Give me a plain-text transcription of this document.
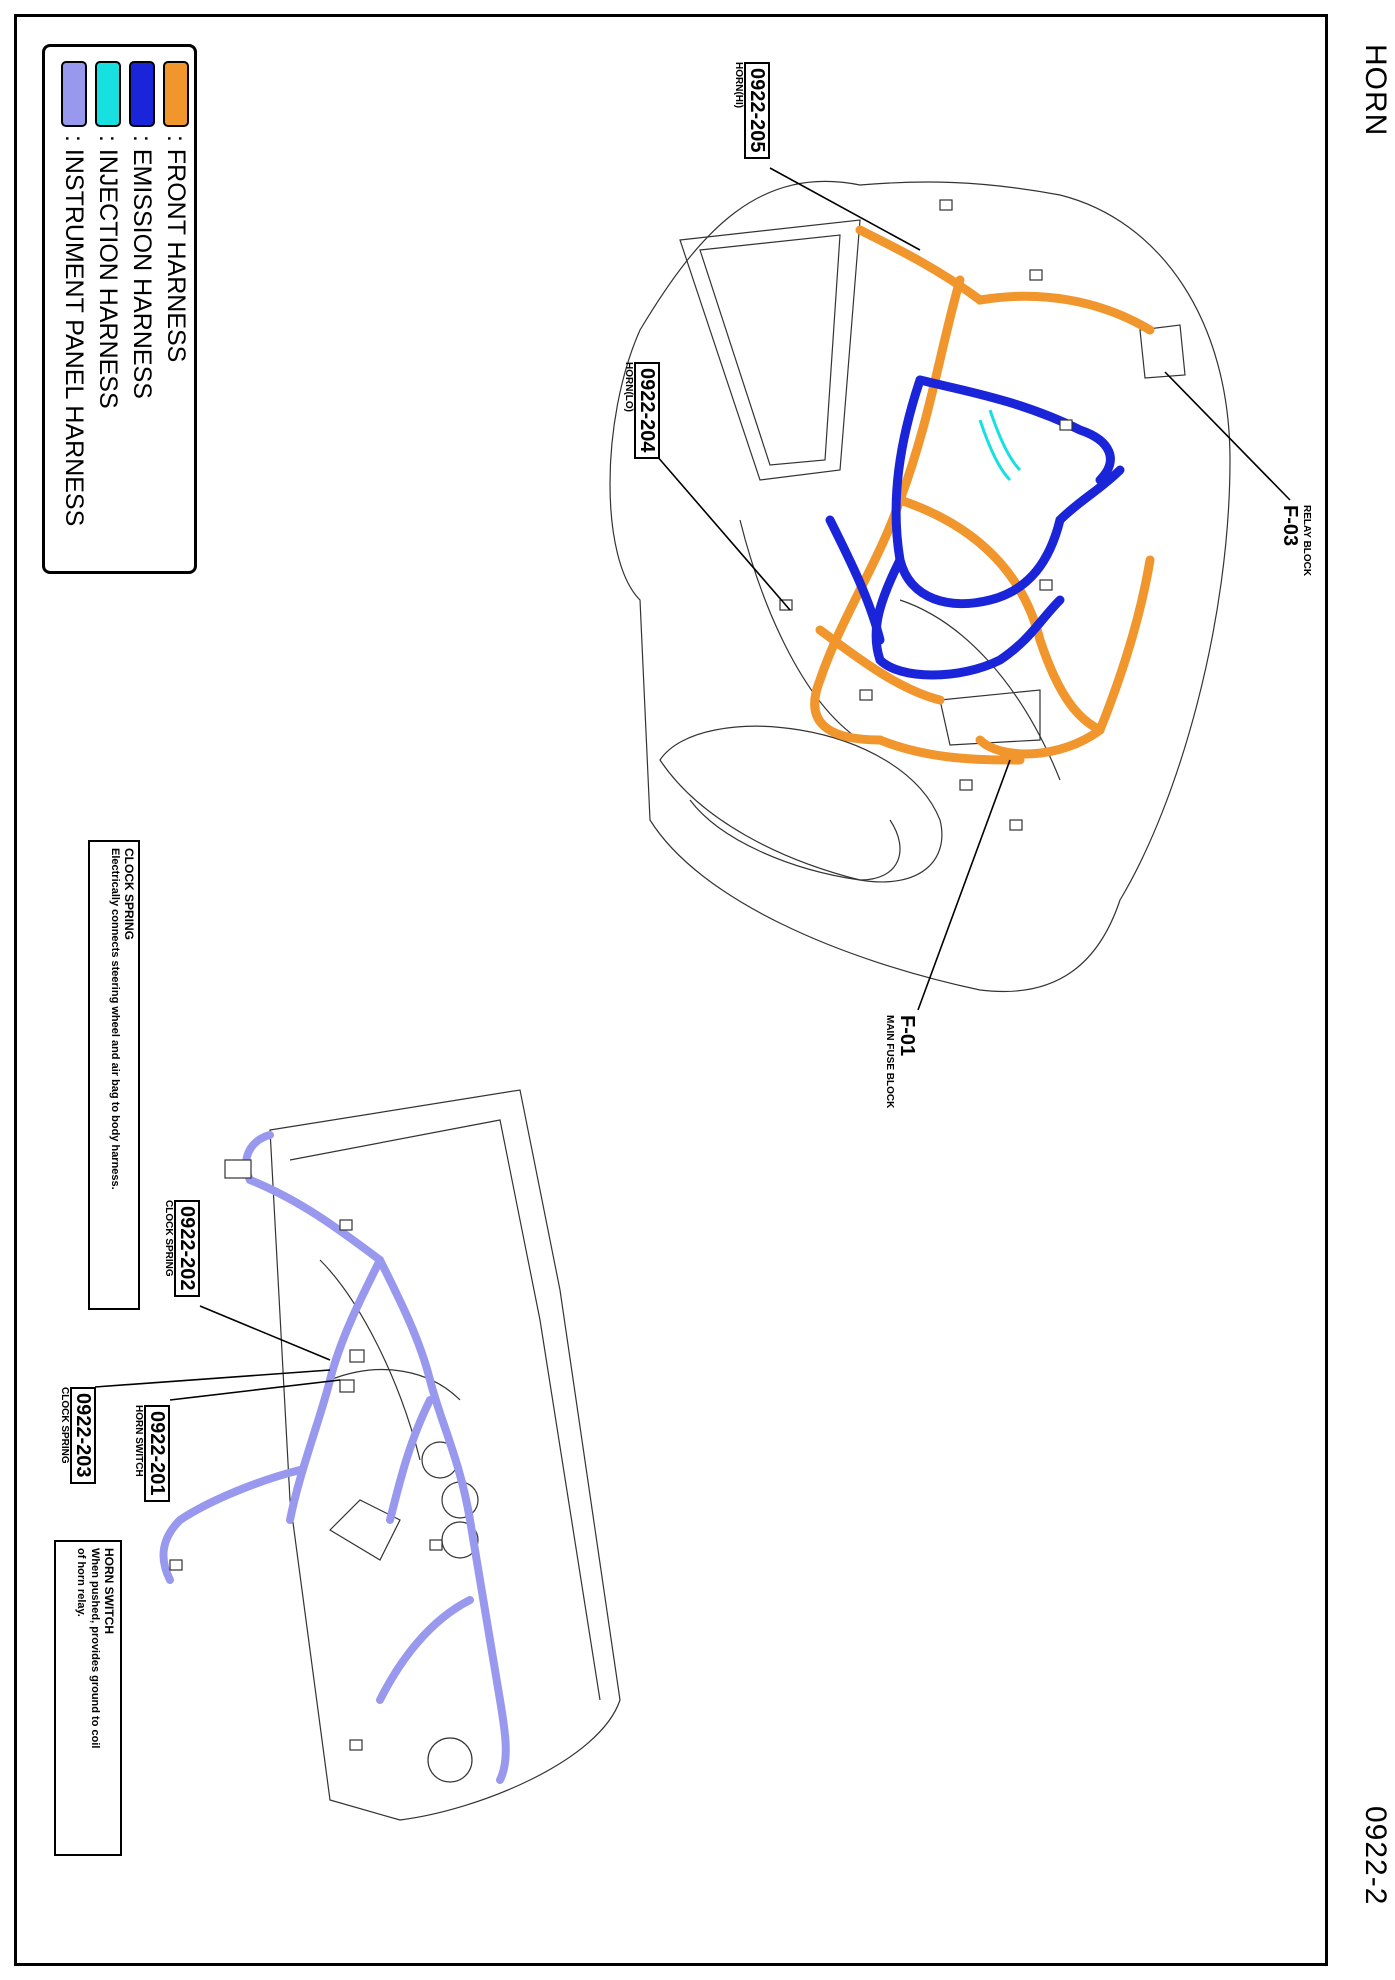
HORN
0922-2
: FRONT HARNESS
: EMISSION HARNESS
: INJECTION HARNESS
: INSTRUMENT PANEL HARNESS
0922-205
HORN(HI)
0922-204
HORN(LO)
RELAY BLOCK
F-03
F-01
MAIN FUSE BLOCK
0922-202
CLOCK SPRING
0922-201
HORN SWITCH
0922-203
CLOCK SPRING
CLOCK SPRING
Electrically connects steering wheel and air bag to body harness.
HORN SWITCH
When pushed, provides ground to coil
of horn relay.
